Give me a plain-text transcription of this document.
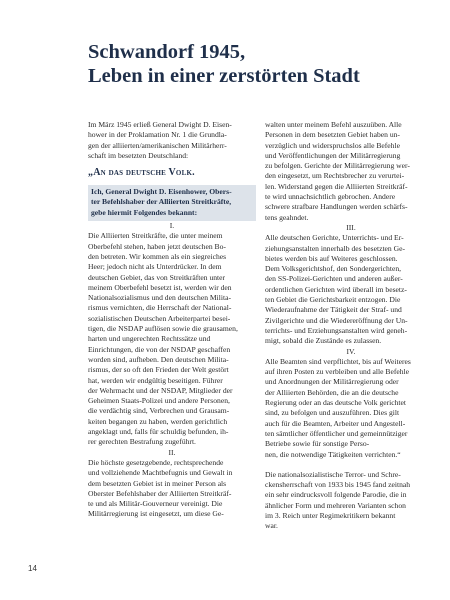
Schwandorf 1945,
Leben in einer zerstörten Stadt
Im März 1945 erließ General Dwight D. Eisen-
hower in der Proklamation Nr. 1 die Grundla-
gen der alliierten/amerikanischen Militärherr-
schaft im besetzten Deutschland:
„An das deutsche Volk.
Ich, General Dwight D. Eisenhower, Obers-
ter Befehlshaber der Alliierten Streitkräfte,
gebe hiermit Folgendes bekannt:
I.
Die Alliierten Streitkräfte, die unter meinem
Oberbefehl stehen, haben jetzt deutschen Bo-
den betreten. Wir kommen als ein siegreiches
Heer; jedoch nicht als Unterdrücker. In dem
deutschen Gebiet, das von Streitkräften unter
meinem Oberbefehl besetzt ist, werden wir den
Nationalsozialismus und den deutschen Milita-
rismus vernichten, die Herrschaft der National-
sozialistischen Deutschen Arbeiterpartei besei-
tigen, die NSDAP auflösen sowie die grausamen,
harten und ungerechten Rechtssätze und
Einrichtungen, die von der NSDAP geschaffen
worden sind, aufheben. Den deutschen Milita-
rismus, der so oft den Frieden der Welt gestört
hat, werden wir endgültig beseitigen. Führer
der Wehrmacht und der NSDAP, Mitglieder der
Geheimen Staats-Polizei und andere Personen,
die verdächtig sind, Verbrechen und Grausam-
keiten begangen zu haben, werden gerichtlich
angeklagt und, falls für schuldig befunden, ih-
rer gerechten Bestrafung zugeführt.
II.
Die höchste gesetzgebende, rechtsprechende
und vollziehende Machtbefugnis und Gewalt in
dem besetzten Gebiet ist in meiner Person als
Oberster Befehlshaber der Alliierten Streitkräf-
te und als Militär-Gouverneur vereinigt. Die
Militärregierung ist eingesetzt, um diese Ge-
walten unter meinem Befehl auszuüben. Alle
Personen in dem besetzten Gebiet haben un-
verzüglich und widerspruchslos alle Befehle
und Veröffentlichungen der Militärregierung
zu befolgen. Gerichte der Militärregierung wer-
den eingesetzt, um Rechtsbrecher zu verurtei-
len. Widerstand gegen die Alliierten Streitkräf-
te wird unnachsichtlich gebrochen. Andere
schwere strafbare Handlungen werden schärfs-
tens geahndet.
III.
Alle deutschen Gerichte, Unterrichts- und Er-
ziehungsanstalten innerhalb des besetzten Ge-
bietes werden bis auf Weiteres geschlossen.
Dem Volksgerichtshof, den Sondergerichten,
den SS-Polizei-Gerichten und anderen außer-
ordentlichen Gerichten wird überall im besetz-
ten Gebiet die Gerichtsbarkeit entzogen. Die
Wiederaufnahme der Tätigkeit der Straf- und
Zivilgerichte und die Wiedereröffnung der Un-
terrichts- und Erziehungsanstalten wird geneh-
migt, sobald die Zustände es zulassen.
IV.
Alle Beamten sind verpflichtet, bis auf Weiteres
auf ihren Posten zu verbleiben und alle Befehle
und Anordnungen der Militärregierung oder
der Alliierten Behörden, die an die deutsche
Regierung oder an das deutsche Volk gerichtet
sind, zu befolgen und auszuführen. Dies gilt
auch für die Beamten, Arbeiter und Angestell-
ten sämtlicher öffentlicher und gemeinnütziger
Betriebe sowie für sonstige Perso-
nen, die notwendige Tätigkeiten verrichten.“
Die nationalsozialistische Terror- und Schre-
ckensherrschaft von 1933 bis 1945 fand zeitnah
ein sehr eindrucksvoll folgende Parodie, die in
ähnlicher Form und mehreren Varianten schon
im 3. Reich unter Regimekritikern bekannt
war.
14
